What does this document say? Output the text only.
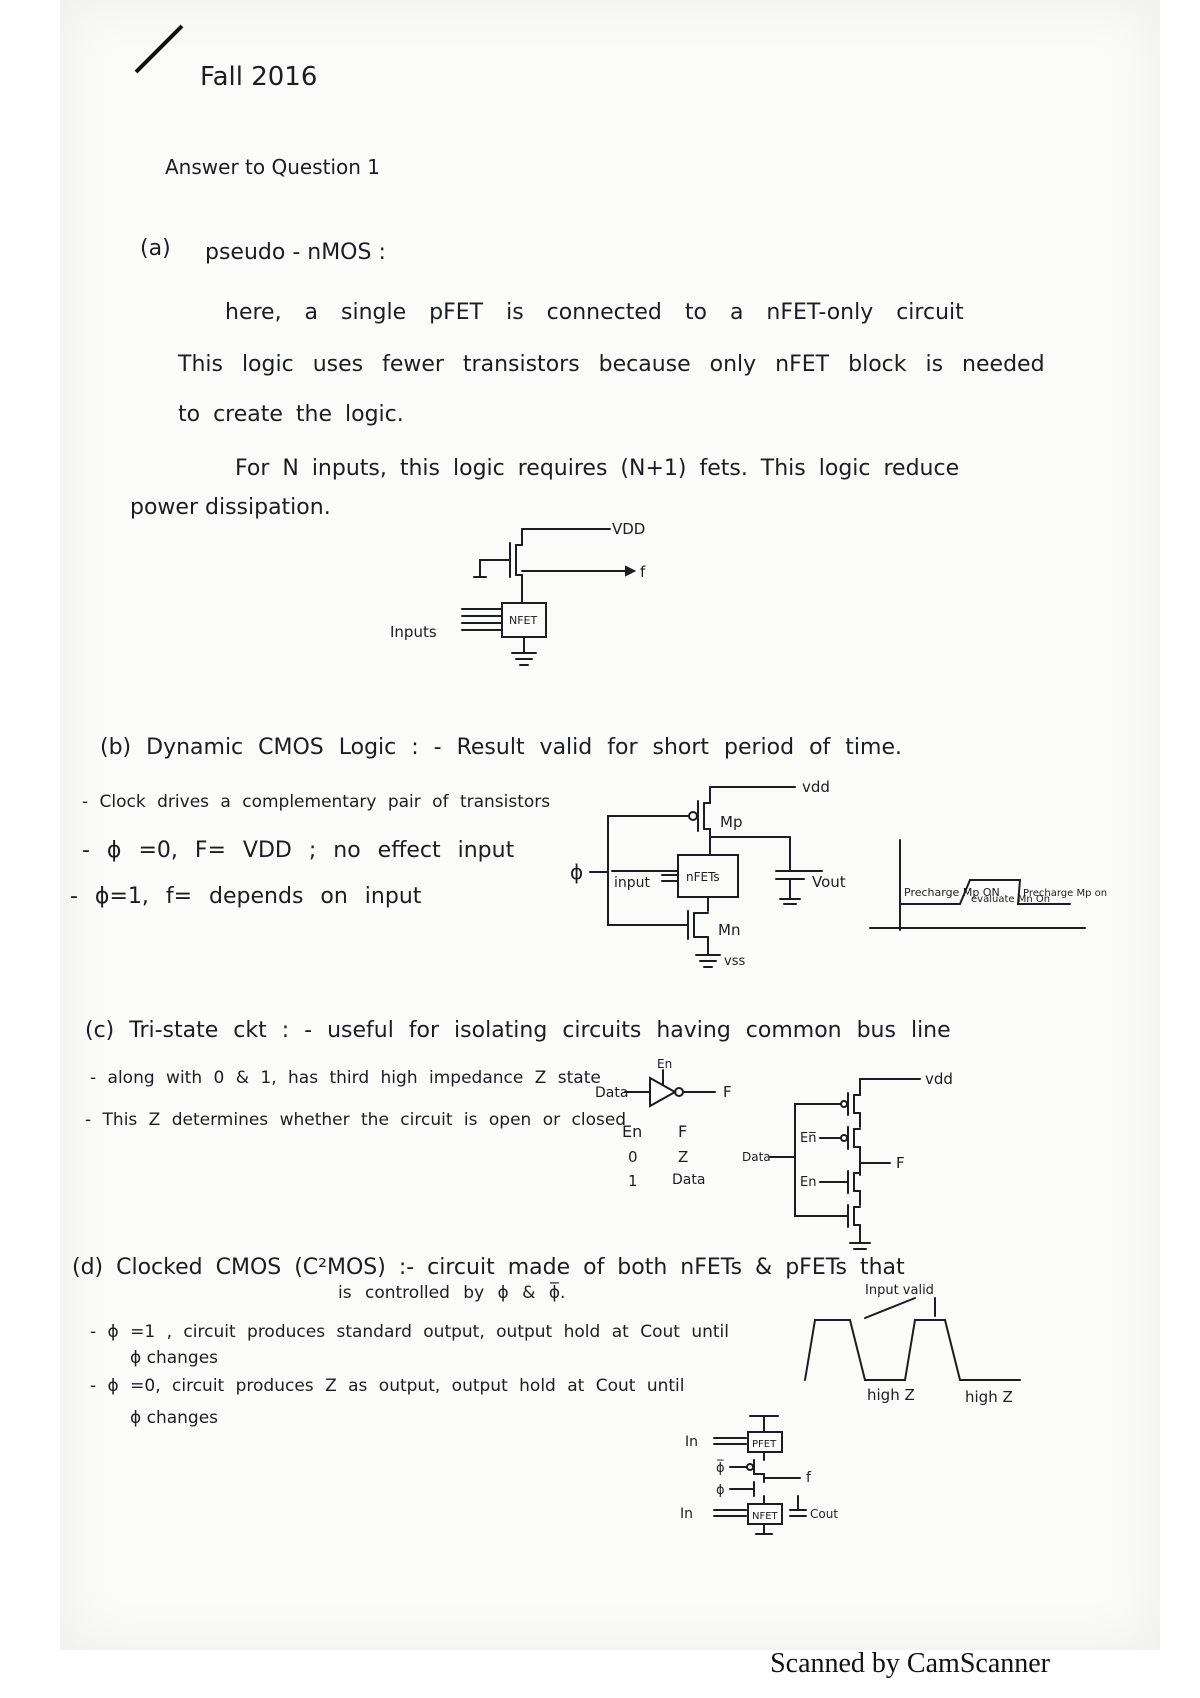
Fall 2016
Answer to Question 1
(a) pseudo - nMOS :
here, a single pFET is connected to a nFET-only circuit
This logic uses fewer transistors because only nFET block is needed
to create the logic.
For N inputs, this logic requires (N+1) fets. This logic reduce
power dissipation.
VDD
f
NFET
Inputs
(b) Dynamic CMOS Logic : - Result valid for short period of time.
- Clock drives a complementary pair of transistors
- ϕ =0, F= VDD ; no effect input
- ϕ=1, f= depends on input
vdd
Mp
ϕ input	nFETs
Mn
vss
Vout
Precharge Mp ON
evaluate Mn On
Precharge Mp on
(c) Tri-state ckt : - useful for isolating circuits having common bus line
- along with 0 & 1, has third high impedance Z state
- This Z determines whether the circuit is open or closed
Data
En
F
En F
0	Z
1 Data
vdd
Data
En̅
En
F
(d) Clocked CMOS (C²MOS) :- circuit made of both nFETs & pFETs that
is controlled by ϕ & ϕ̅.
- ϕ =1 , circuit produces standard output, output hold at Cout until
ϕ changes
- ϕ =0, circuit produces Z as output, output hold at Cout until
ϕ changes
Input valid
high Z	high Z
In	PFET
ϕ̅
ϕ
f
In	NFET	Cout
Scanned by CamScanner
